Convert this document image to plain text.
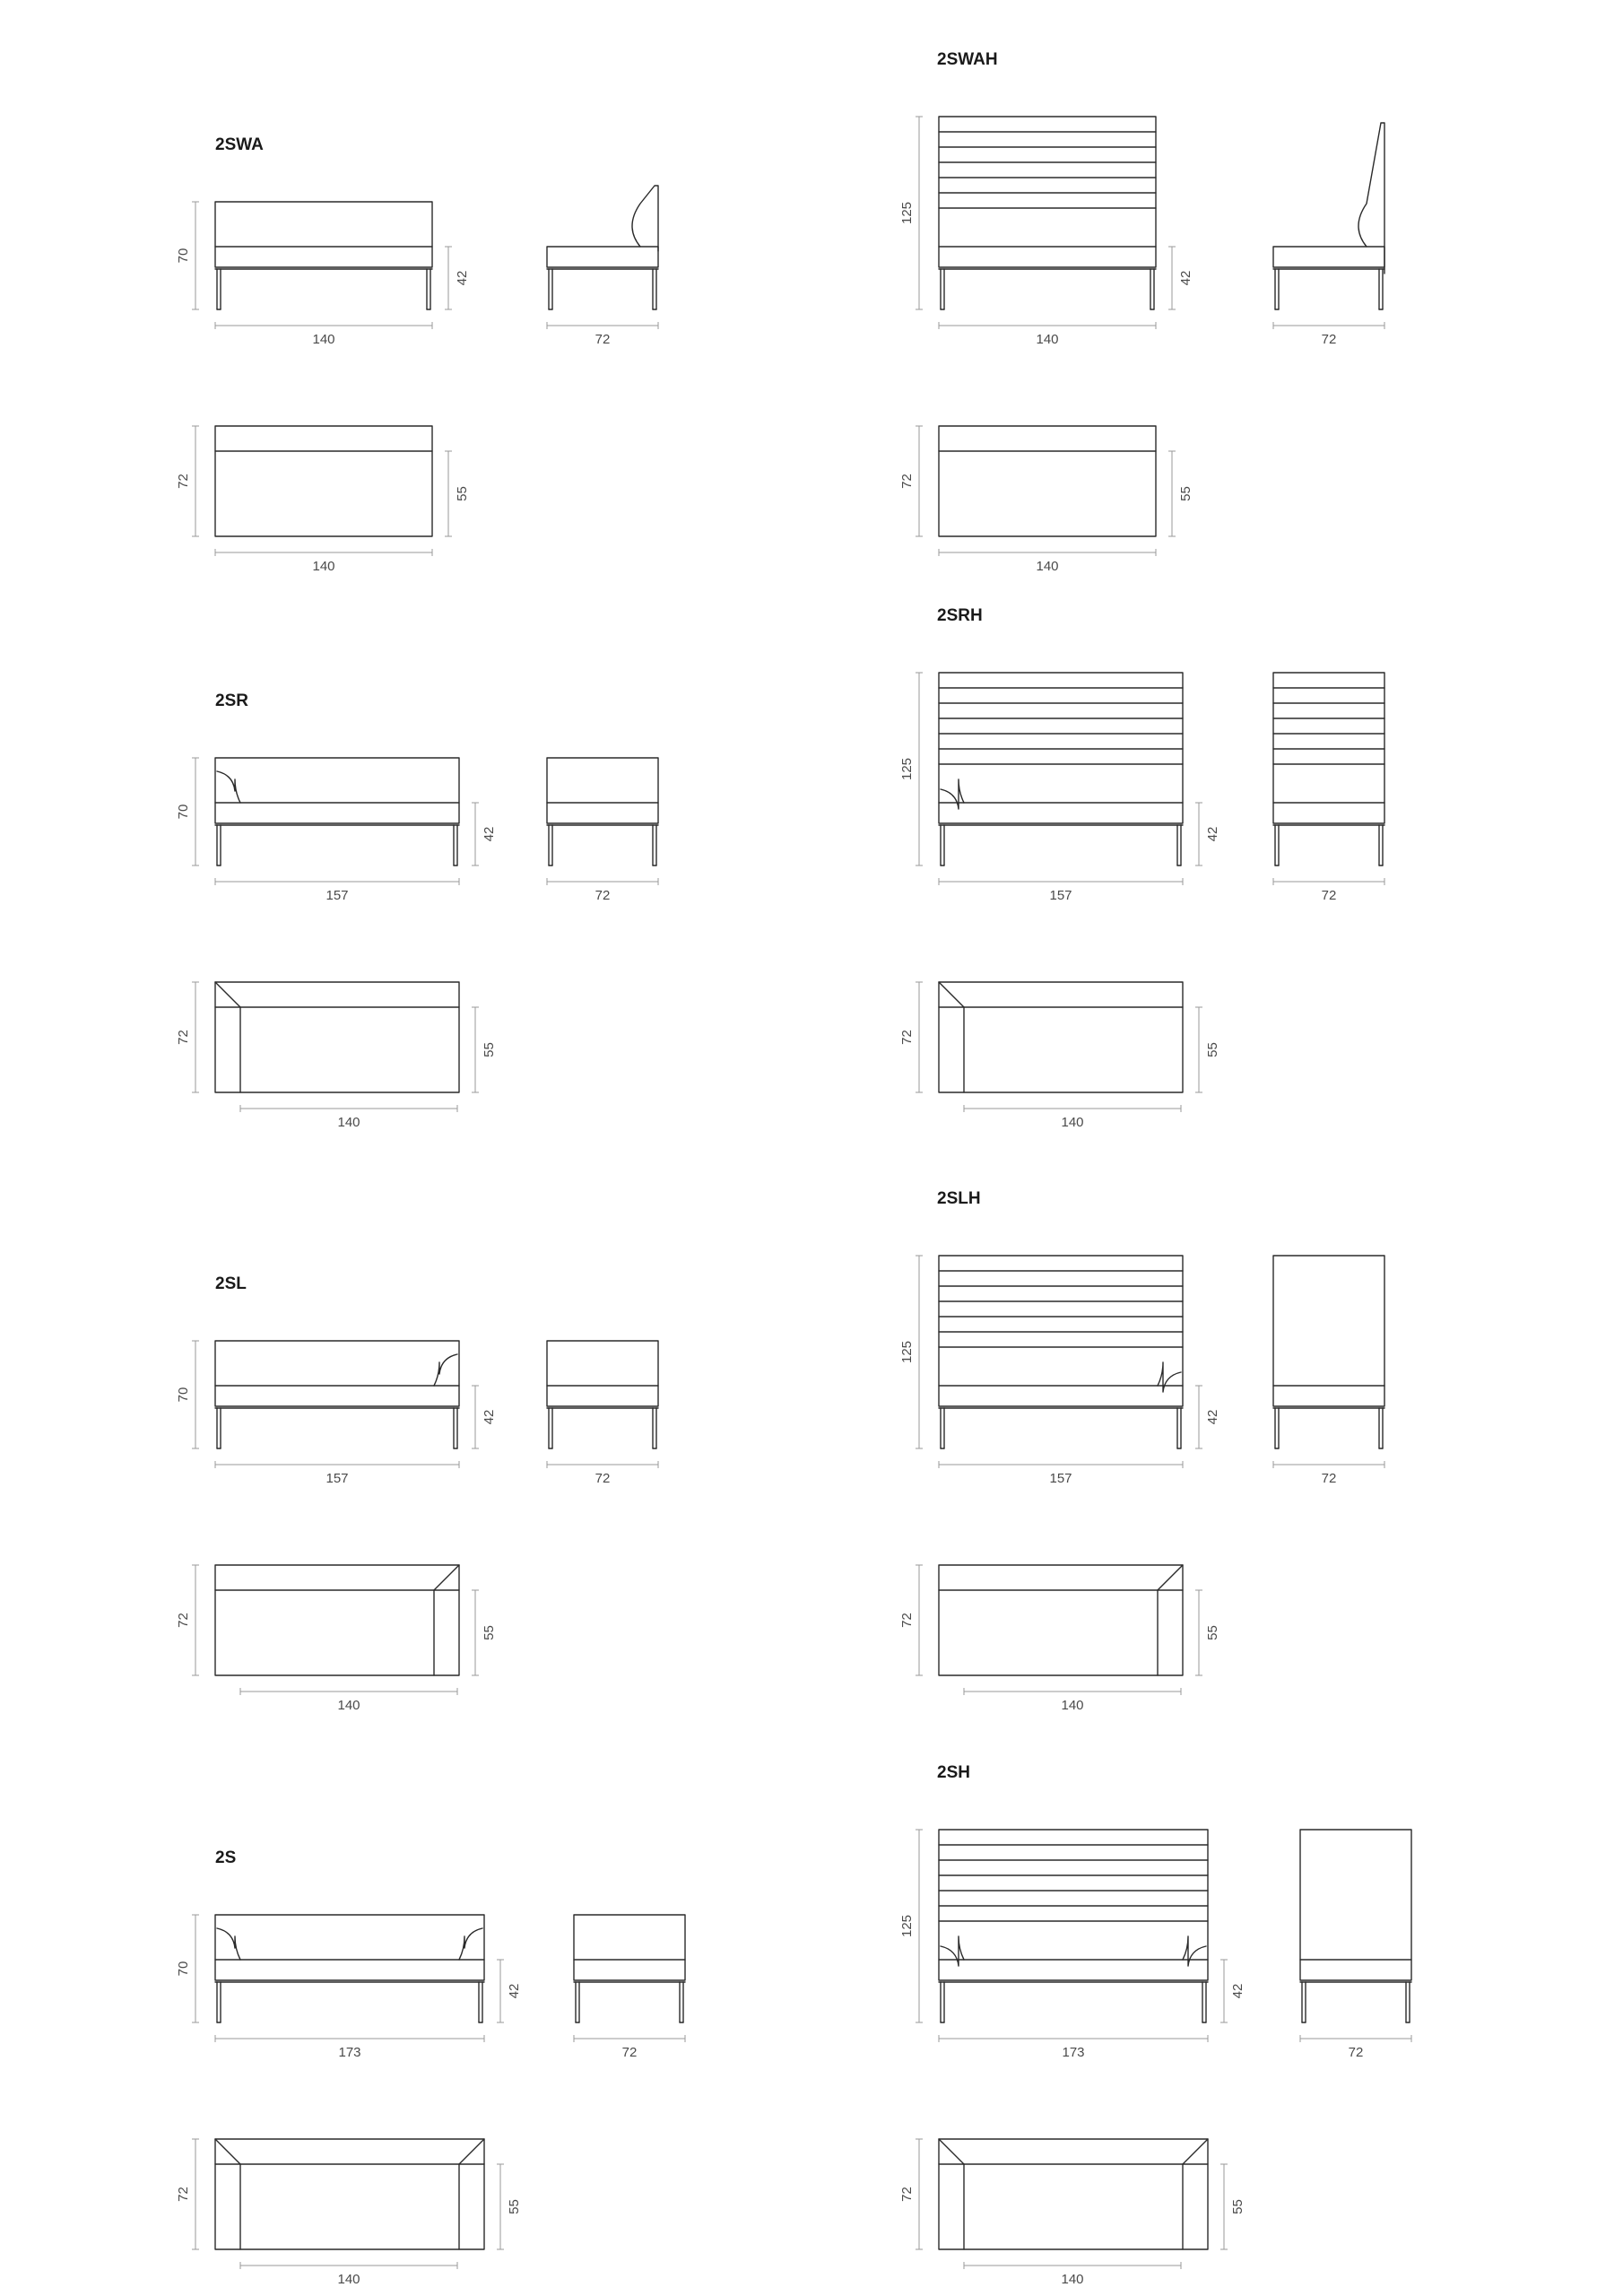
2SWA
70
42
140	72
72
55
140
2SWAH
125
42
140	72
72
55
140
2SR
70
42
157	72
72
55
140
2SRH
125
42
157	72
72
55
140
2SL
70
42
157	72
72
55
140
2SLH
125
42
157	72
72
55
140
2S
70
42
173	72
72
55
140
2SH
125
42
173	72
72
55
140
